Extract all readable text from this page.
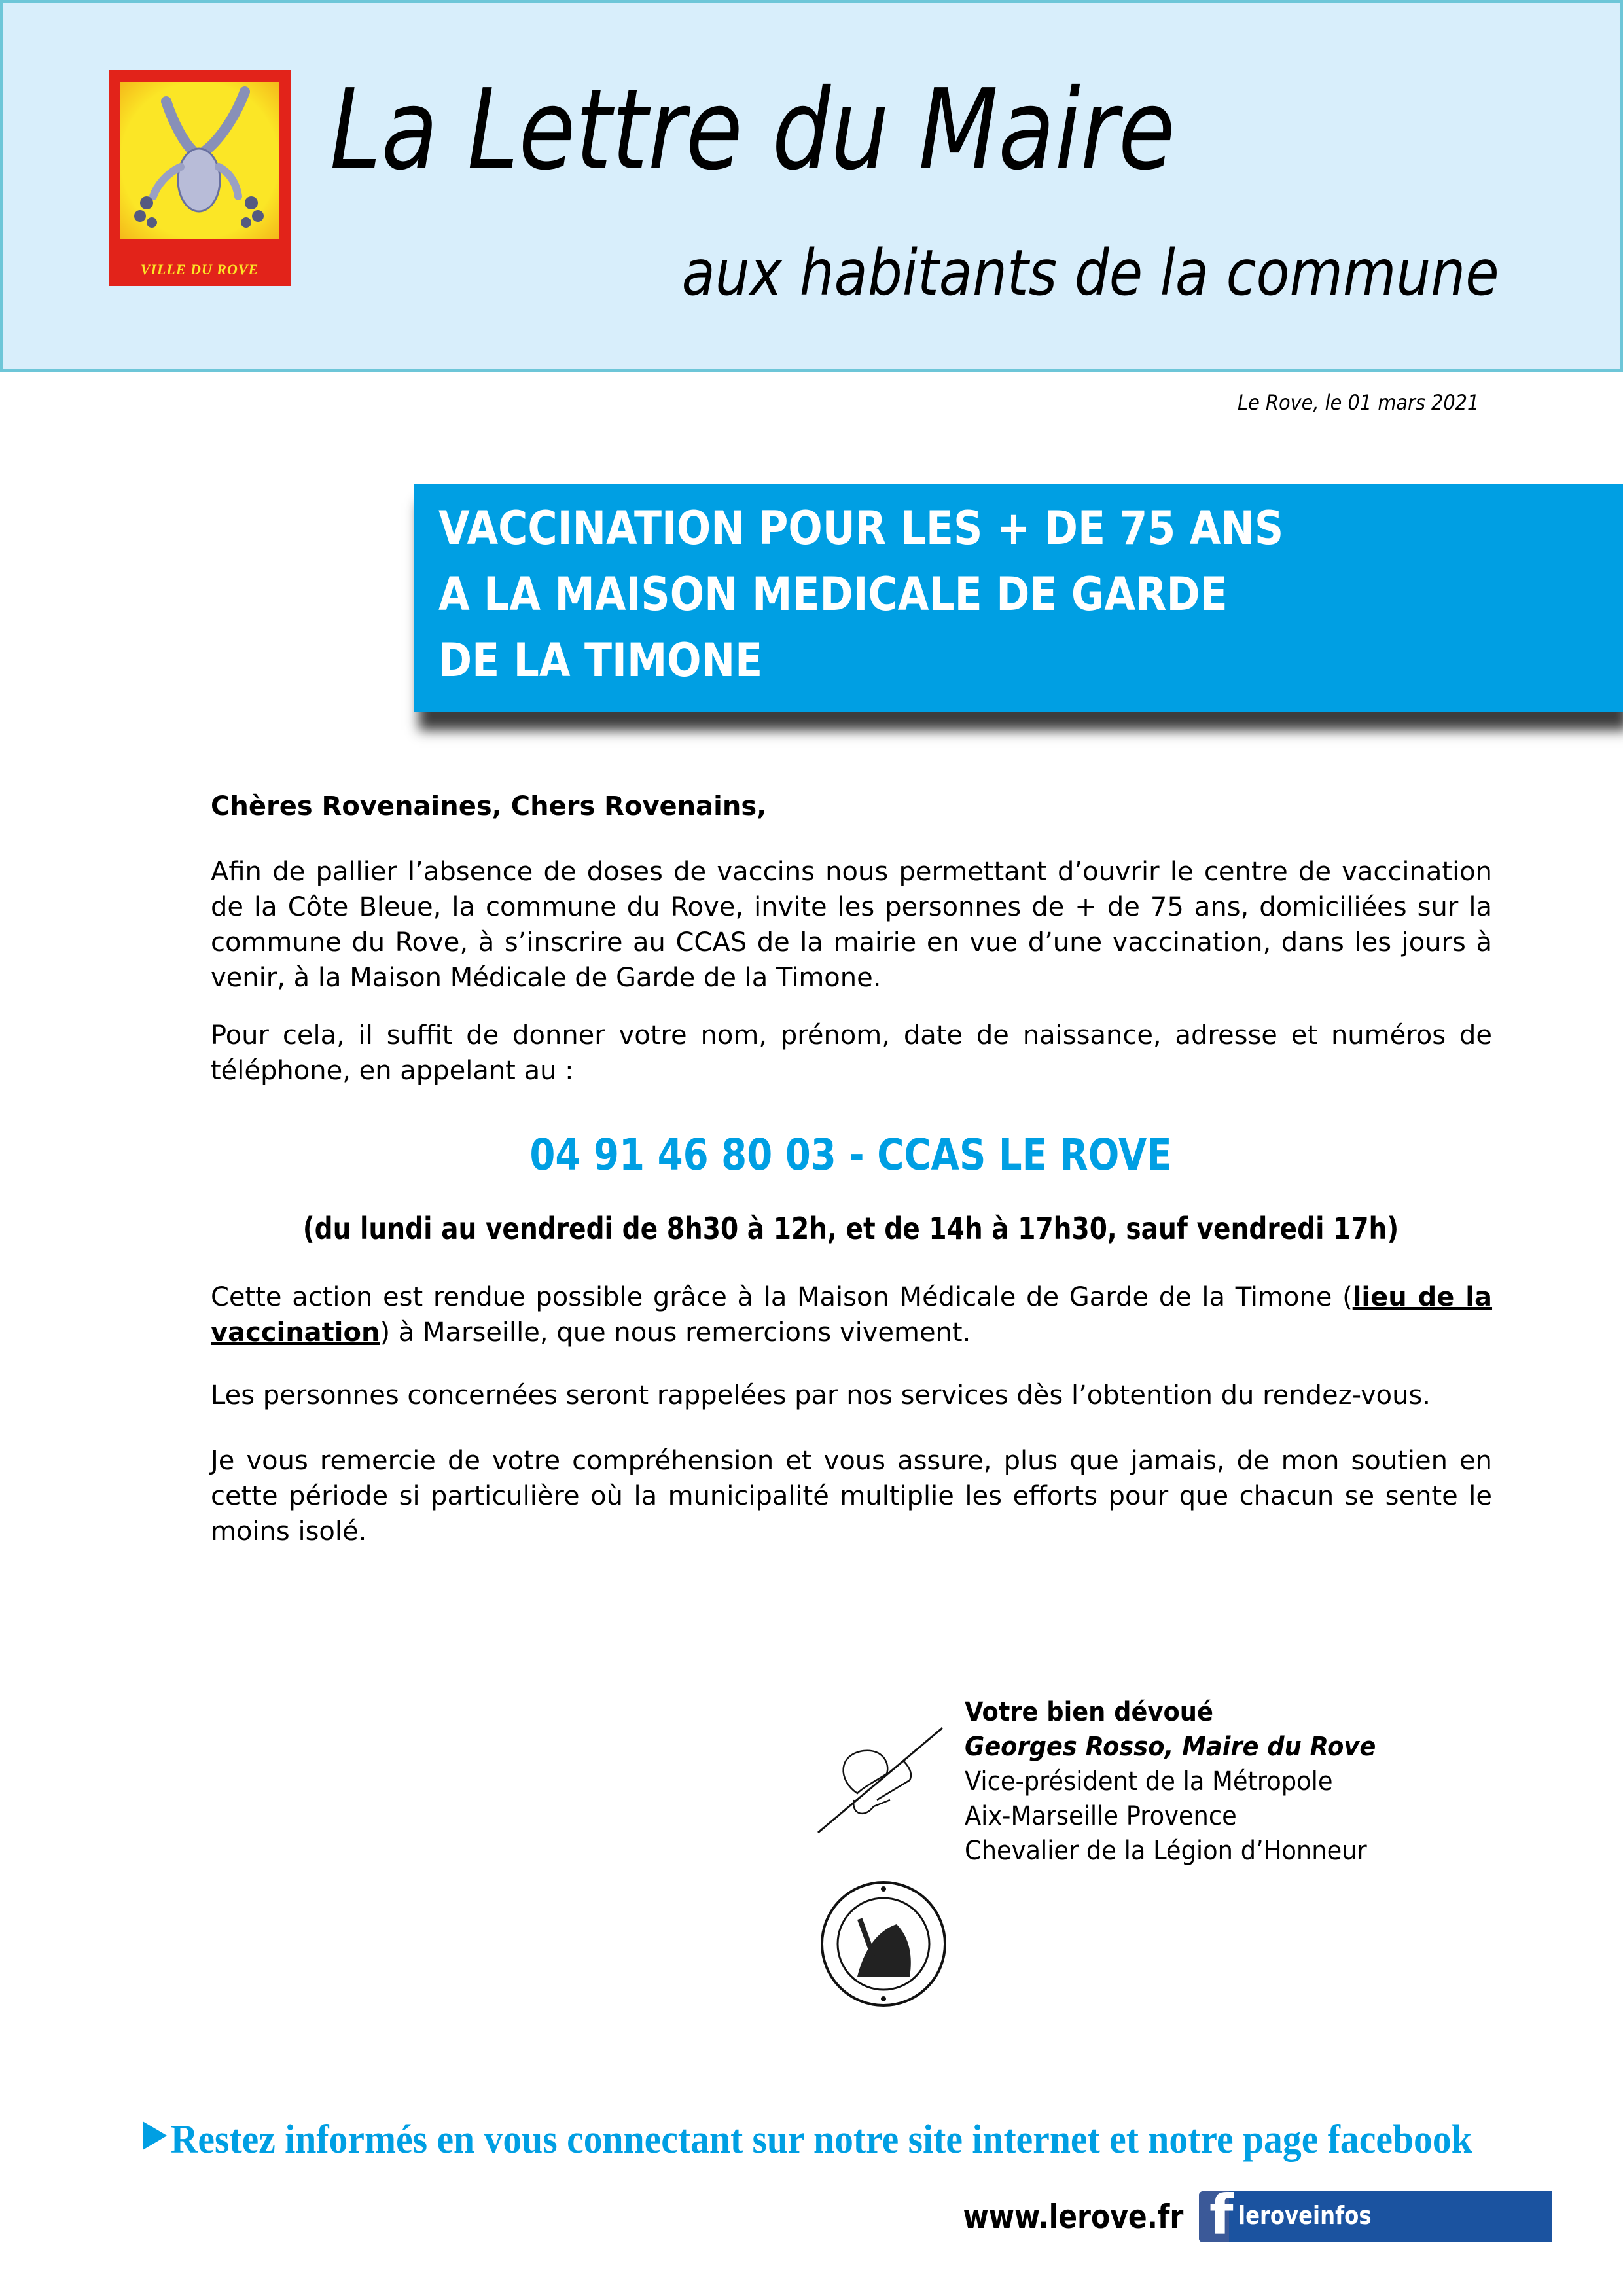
VILLE DU ROVE
La Lettre du Maire
aux habitants de la commune
Le Rove, le 01 mars 2021
VACCINATION POUR LES + DE 75 ANS
A LA MAISON MEDICALE DE GARDE
DE LA TIMONE
Chères Rovenaines, Chers Rovenains,
Afin de pallier l’absence de doses de vaccins nous permettant d’ouvrir le centre de vaccination de la Côte Bleue, la commune du Rove, invite les personnes de + de 75 ans, domiciliées sur la commune du Rove, à s’inscrire au CCAS de la mairie en vue d’une vaccination, dans les jours à venir, à la Maison Médicale de Garde de la Timone.
Pour cela, il suffit de donner votre nom, prénom, date de naissance, adresse et numéros de téléphone, en appelant au :
04 91 46 80 03 - CCAS LE ROVE
(du lundi au vendredi de 8h30 à 12h, et de 14h à 17h30, sauf vendredi 17h)
Cette action est rendue possible grâce à la Maison Médicale de Garde de la Timone (lieu de la vaccination) à Marseille, que nous remercions vivement.
Les personnes concernées seront rappelées par nos services dès l’obtention du rendez-vous.
Je vous remercie de votre compréhension et vous assure, plus que jamais, de mon soutien en cette période si particulière où la municipalité multiplie les efforts pour que chacun se sente le moins isolé.
Votre bien dévoué
Georges Rosso, Maire du Rove
Vice-président de la Métropole
Aix-Marseille Provence
Chevalier de la Légion d’Honneur
Restez informés en vous connectant sur notre site internet et notre page facebook
www.lerove.fr f leroveinfos
